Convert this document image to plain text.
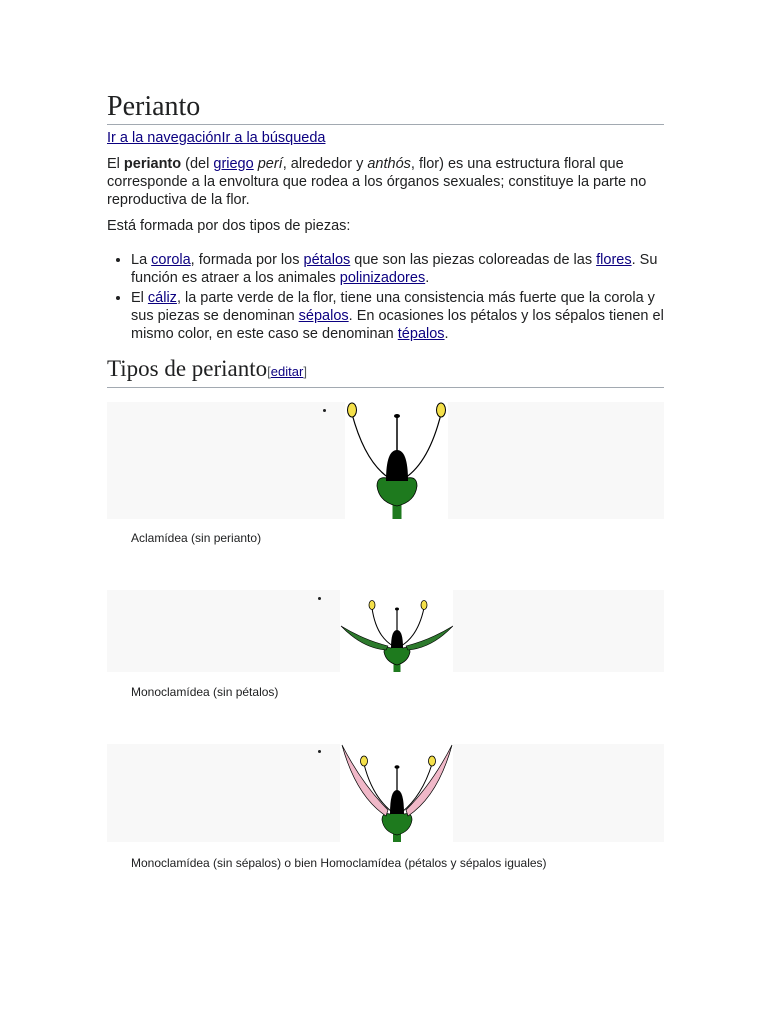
Perianto
Ir a la navegaciónIr a la búsqueda

El perianto (del griego perí, alrededor y anthós, flor) es una estructura floral que corresponde a la envoltura que rodea a los órganos sexuales; constituye la parte no reproductiva de la flor.

Está formada por dos tipos de piezas:

• La corola, formada por los pétalos que son las piezas coloreadas de las flores. Su función es atraer a los animales polinizadores.
• El cáliz, la parte verde de la flor, tiene una consistencia más fuerte que la corola y sus piezas se denominan sépalos. En ocasiones los pétalos y los sépalos tienen el mismo color, en este caso se denominan tépalos.
Tipos de perianto[editar]
Aclamídea (sin perianto)
Monoclamídea (sin pétalos)
Monoclamídea (sin sépalos) o bien Homoclamídea (pétalos y sépalos iguales)
